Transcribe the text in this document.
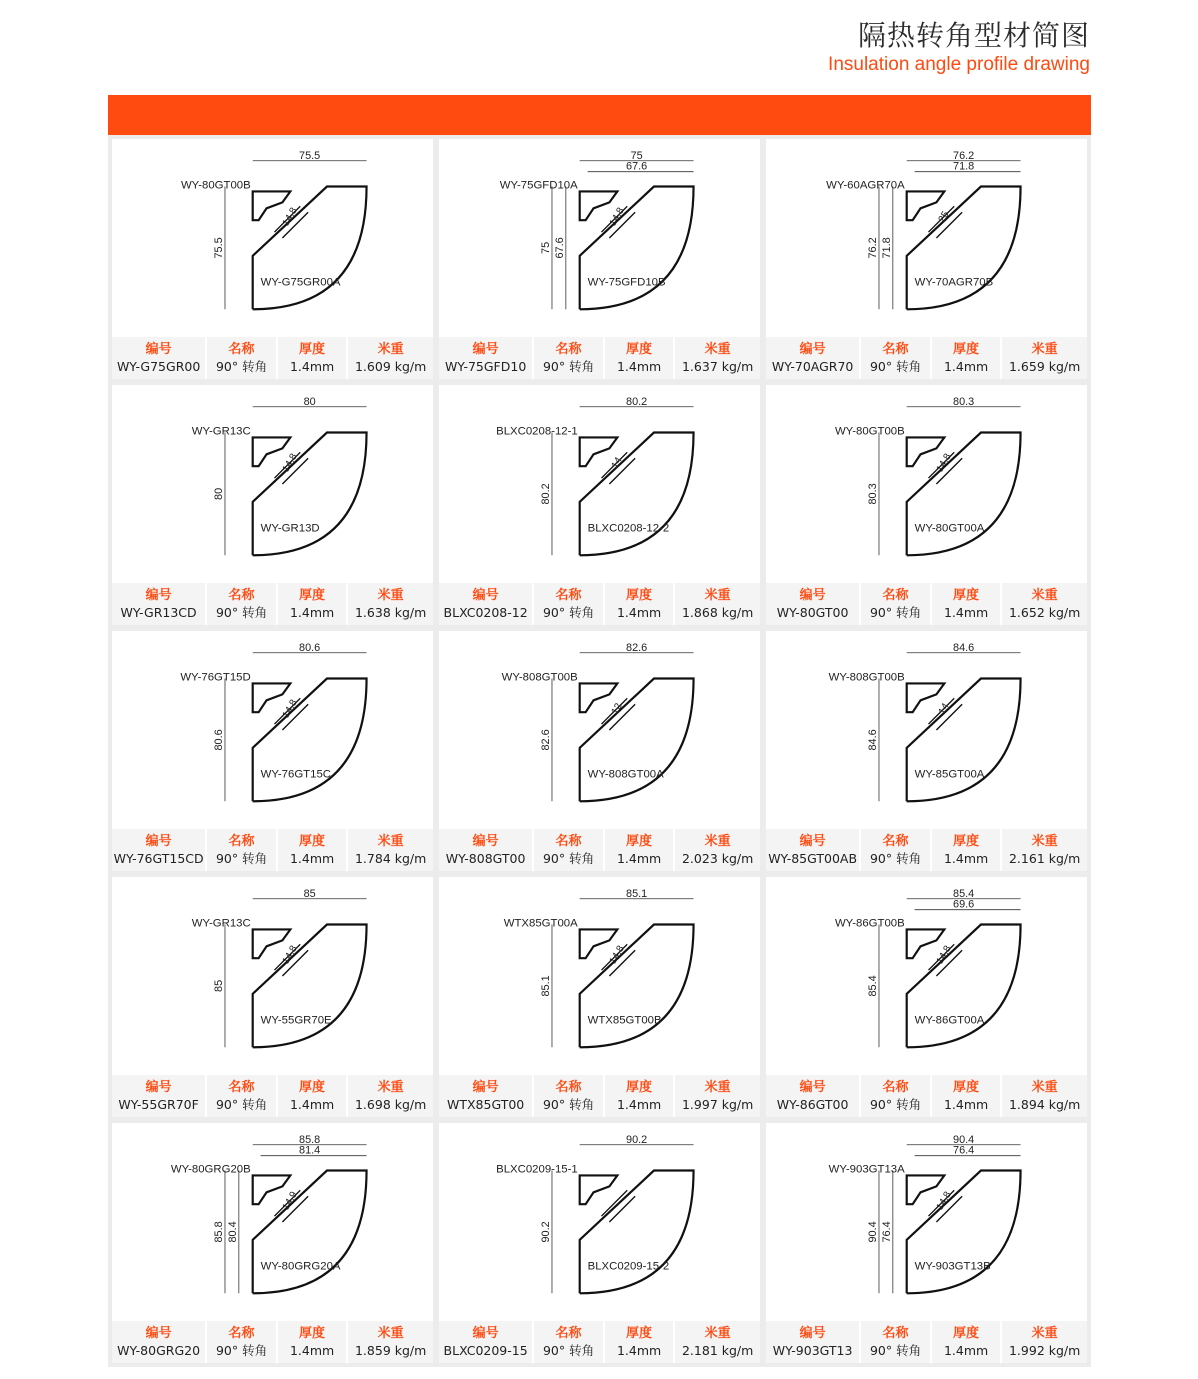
隔热转角型材简图
Insulation angle profile drawing
75.5
75.5
14.8
WY-80GT00B
WY-G75GR00A
编号
WY-G75GR00
名称
90° 转角
厚度
1.4mm
米重
1.609 kg/m
75
67.6
75 67.6
14.8
WY-75GFD10A
WY-75GFD10B
编号
WY-75GFD10
名称
90° 转角
厚度
1.4mm
米重
1.637 kg/m
76.2
71.8
76.2 71.8
25
WY-60AGR70A
WY-70AGR70B
编号
WY-70AGR70
名称
90° 转角
厚度
1.4mm
米重
1.659 kg/m
80
80
14.8
WY-GR13C
WY-GR13D
编号
WY-GR13CD
名称
90° 转角
厚度
1.4mm
米重
1.638 kg/m
80.2
80.2
14
BLXC0208-12-1
BLXC0208-12-2
编号
BLXC0208-12
名称
90° 转角
厚度
1.4mm
米重
1.868 kg/m
80.3
80.3
14.8
WY-80GT00B
WY-80GT00A
编号
WY-80GT00
名称
90° 转角
厚度
1.4mm
米重
1.652 kg/m
80.6
80.6
14.8
WY-76GT15D
WY-76GT15C
编号
WY-76GT15CD
名称
90° 转角
厚度
1.4mm
米重
1.784 kg/m
82.6
82.6
12
WY-808GT00B
WY-808GT00A
编号
WY-808GT00
名称
90° 转角
厚度
1.4mm
米重
2.023 kg/m
84.6
84.6
14
WY-808GT00B
WY-85GT00A
编号
WY-85GT00AB
名称
90° 转角
厚度
1.4mm
米重
2.161 kg/m
85
85
14.8
WY-GR13C
WY-55GR70E
编号
WY-55GR70F
名称
90° 转角
厚度
1.4mm
米重
1.698 kg/m
85.1
85.1
14.8
WTX85GT00A
WTX85GT00B
编号
WTX85GT00
名称
90° 转角
厚度
1.4mm
米重
1.997 kg/m
85.4
69.6
85.4
14.8
WY-86GT00B
WY-86GT00A
编号
WY-86GT00
名称
90° 转角
厚度
1.4mm
米重
1.894 kg/m
85.8
81.4
85.8 80.4
14.9
WY-80GRG20B
WY-80GRG20A
编号
WY-80GRG20
名称
90° 转角
厚度
1.4mm
米重
1.859 kg/m
90.2
90.2
BLXC0209-15-1
BLXC0209-15-2
编号
BLXC0209-15
名称
90° 转角
厚度
1.4mm
米重
2.181 kg/m
90.4
76.4
90.4 76.4
14.8
WY-903GT13A
WY-903GT13B
编号
WY-903GT13
名称
90° 转角
厚度
1.4mm
米重
1.992 kg/m
